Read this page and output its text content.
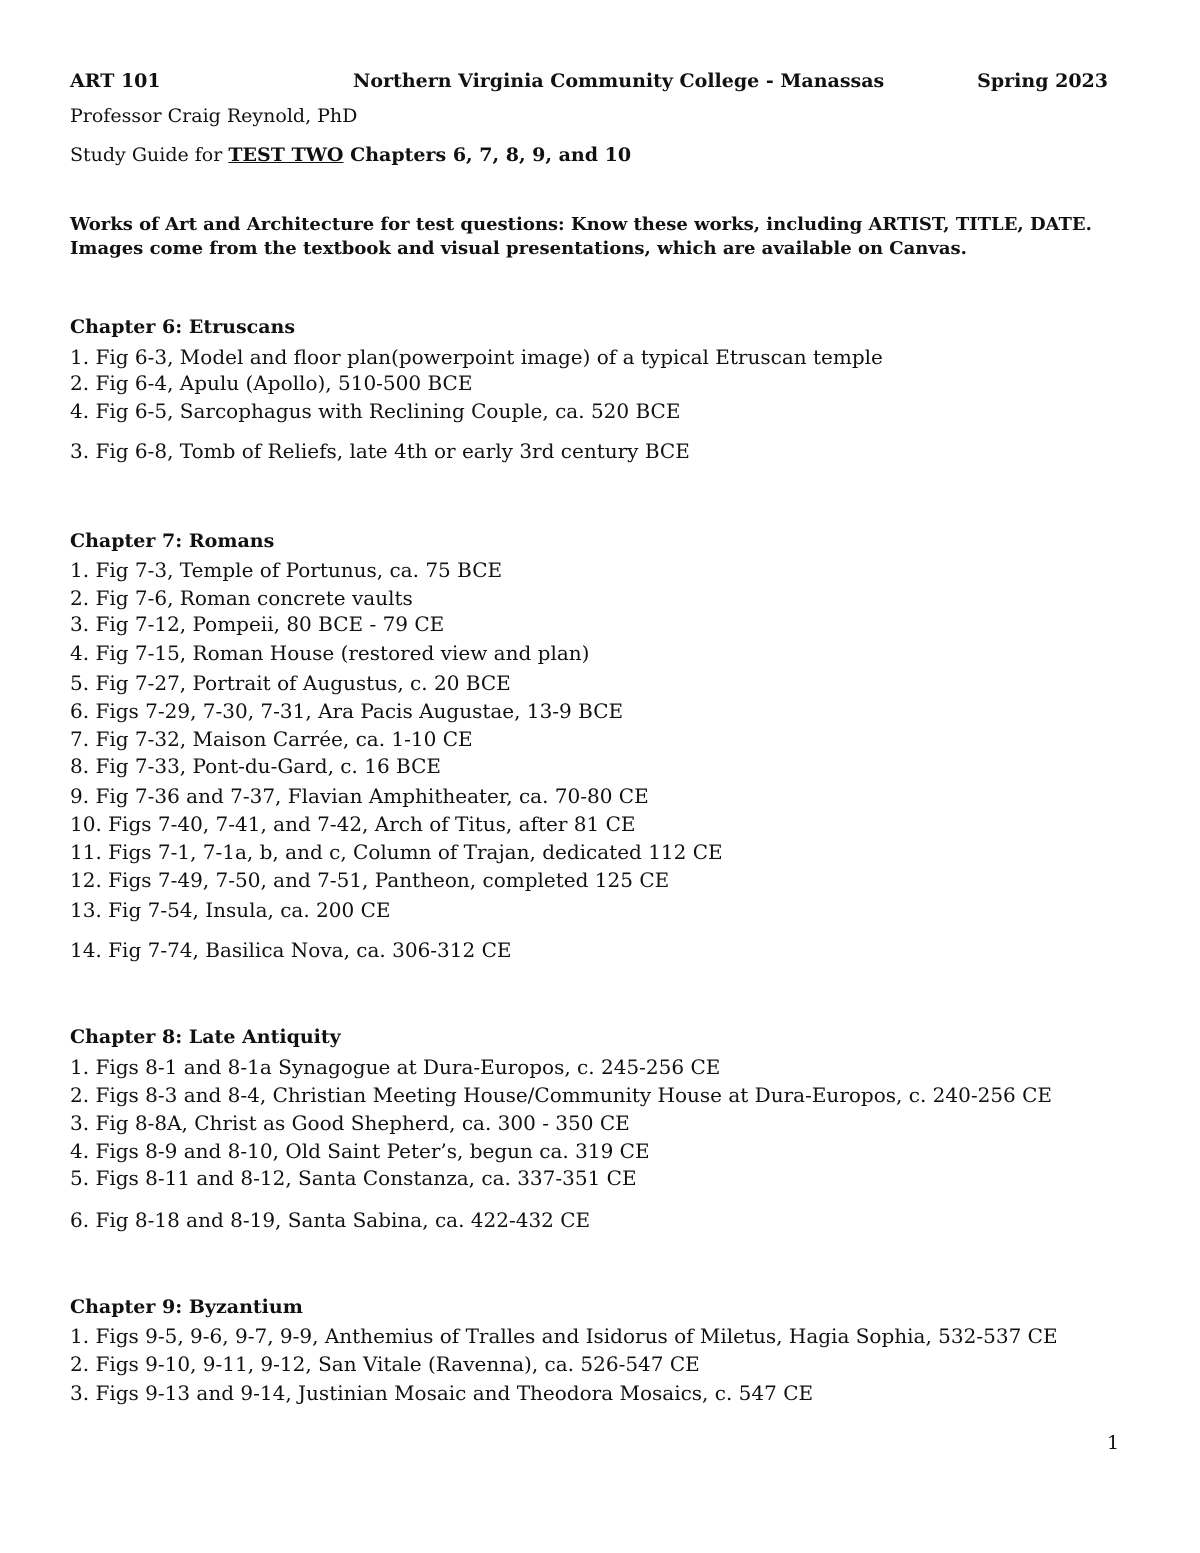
ART 101	Northern Virginia Community College - Manassas	Spring 2023
Professor Craig Reynold, PhD
Study Guide for TEST TWO Chapters 6, 7, 8, 9, and 10
Works of Art and Architecture for test questions: Know these works, including ARTIST, TITLE, DATE.
Images come from the textbook and visual presentations, which are available on Canvas.
Chapter 6: Etruscans
1. Fig 6-3, Model and floor plan(powerpoint image) of a typical Etruscan temple
2. Fig 6-4, Apulu (Apollo), 510-500 BCE
4. Fig 6-5, Sarcophagus with Reclining Couple, ca. 520 BCE
3. Fig 6-8, Tomb of Reliefs, late 4th or early 3rd century BCE
Chapter 7: Romans
1. Fig 7-3, Temple of Portunus, ca. 75 BCE
2. Fig 7-6, Roman concrete vaults
3. Fig 7-12, Pompeii, 80 BCE - 79 CE
4. Fig 7-15, Roman House (restored view and plan)
5. Fig 7-27, Portrait of Augustus, c. 20 BCE
6. Figs 7-29, 7-30, 7-31, Ara Pacis Augustae, 13-9 BCE
7. Fig 7-32, Maison Carrée, ca. 1-10 CE
8. Fig 7-33, Pont-du-Gard, c. 16 BCE
9. Fig 7-36 and 7-37, Flavian Amphitheater, ca. 70-80 CE
10. Figs 7-40, 7-41, and 7-42, Arch of Titus, after 81 CE
11. Figs 7-1, 7-1a, b, and c, Column of Trajan, dedicated 112 CE
12. Figs 7-49, 7-50, and 7-51, Pantheon, completed 125 CE
13. Fig 7-54, Insula, ca. 200 CE
14. Fig 7-74, Basilica Nova, ca. 306-312 CE
Chapter 8: Late Antiquity
1. Figs 8-1 and 8-1a Synagogue at Dura-Europos, c. 245-256 CE
2. Figs 8-3 and 8-4, Christian Meeting House/Community House at Dura-Europos, c. 240-256 CE
3. Fig 8-8A, Christ as Good Shepherd, ca. 300 - 350 CE
4. Figs 8-9 and 8-10, Old Saint Peter’s, begun ca. 319 CE
5. Figs 8-11 and 8-12, Santa Constanza, ca. 337-351 CE
6. Fig 8-18 and 8-19, Santa Sabina, ca. 422-432 CE
Chapter 9: Byzantium
1. Figs 9-5, 9-6, 9-7, 9-9, Anthemius of Tralles and Isidorus of Miletus, Hagia Sophia, 532-537 CE
2. Figs 9-10, 9-11, 9-12, San Vitale (Ravenna), ca. 526-547 CE
3. Figs 9-13 and 9-14, Justinian Mosaic and Theodora Mosaics, c. 547 CE
1
